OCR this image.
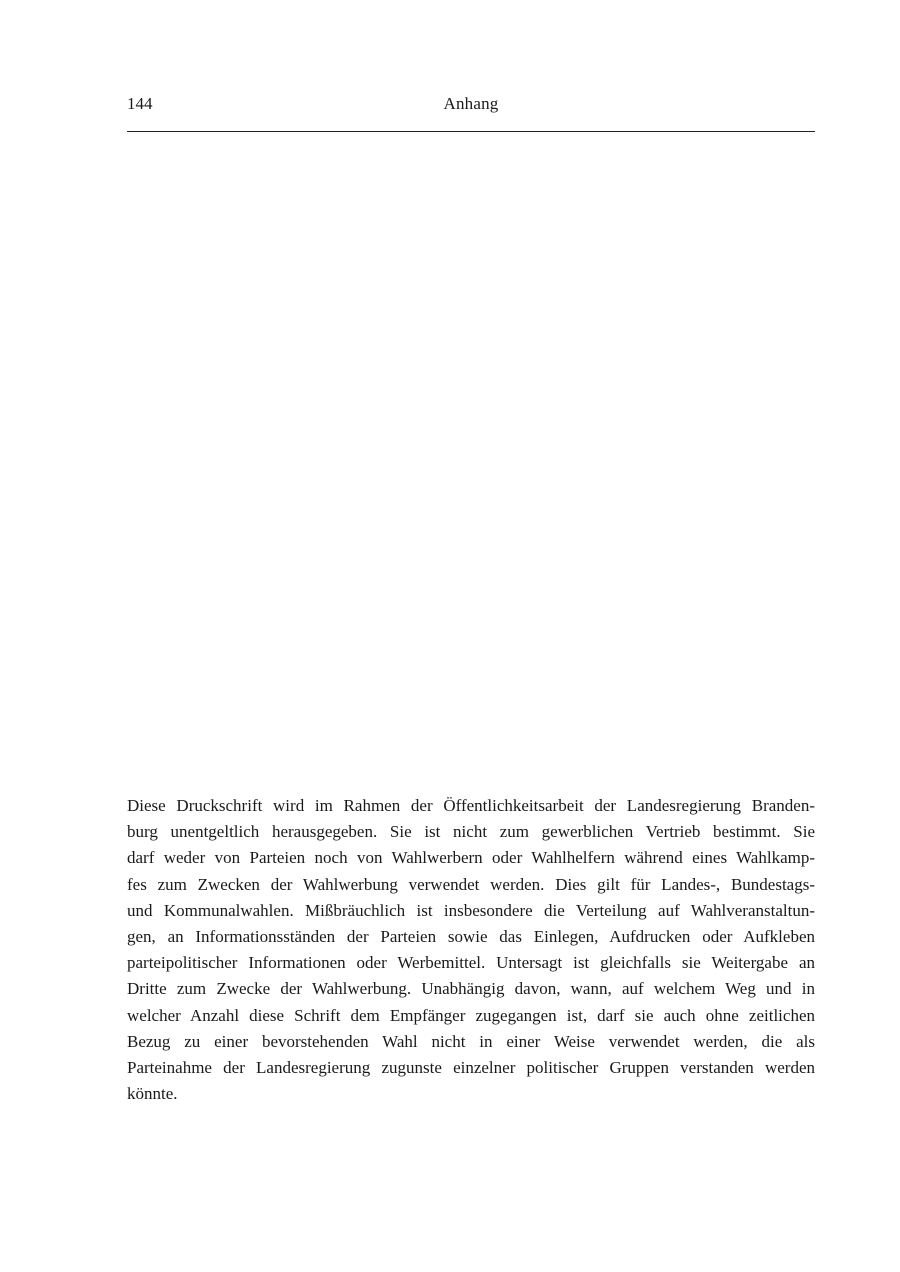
144	Anhang

Diese Druckschrift wird im Rahmen der Öffentlichkeitsarbeit der Landesregierung Branden-
burg unentgeltlich herausgegeben. Sie ist nicht zum gewerblichen Vertrieb bestimmt. Sie
darf weder von Parteien noch von Wahlwerbern oder Wahlhelfern während eines Wahlkamp-
fes zum Zwecken der Wahlwerbung verwendet werden. Dies gilt für Landes-, Bundestags-
und Kommunalwahlen. Mißbräuchlich ist insbesondere die Verteilung auf Wahlveranstaltun-
gen, an Informationsständen der Parteien sowie das Einlegen, Aufdrucken oder Aufkleben
parteipolitischer Informationen oder Werbemittel. Untersagt ist gleichfalls sie Weitergabe an
Dritte zum Zwecke der Wahlwerbung. Unabhängig davon, wann, auf welchem Weg und in
welcher Anzahl diese Schrift dem Empfänger zugegangen ist, darf sie auch ohne zeitlichen
Bezug zu einer bevorstehenden Wahl nicht in einer Weise verwendet werden, die als
Parteinahme der Landesregierung zugunste einzelner politischer Gruppen verstanden werden
könnte.
